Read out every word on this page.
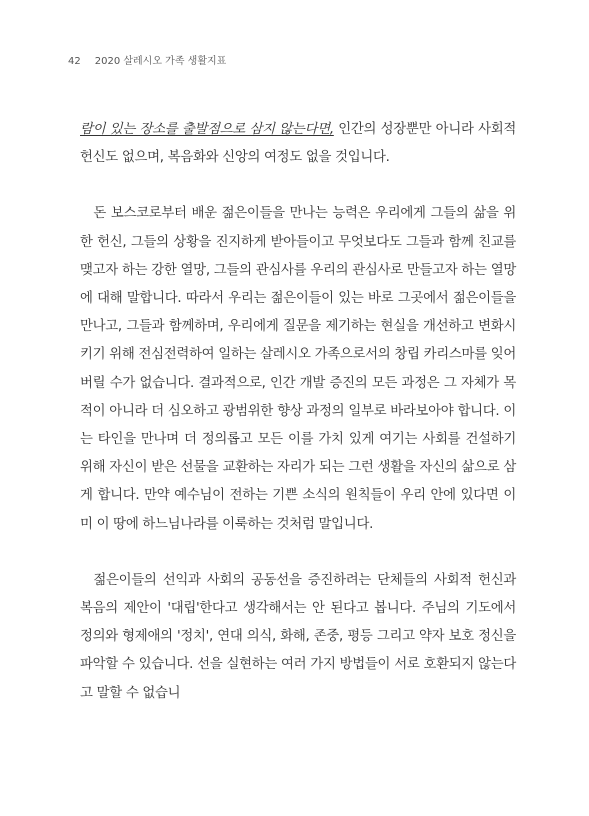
42 2020 살레시오 가족 생활지표

람이 있는 장소를 출발점으로 삼지 않는다면, 인간의 성장뿐만 아니라 사회적 헌신도 없으며, 복음화와 신앙의 여정도 없을 것입니다.

돈 보스코로부터 배운 젊은이들을 만나는 능력은 우리에게 그들의 삶을 위한 헌신, 그들의 상황을 진지하게 받아들이고 무엇보다도 그들과 함께 친교를 맺고자 하는 강한 열망, 그들의 관심사를 우리의 관심사로 만들고자 하는 열망에 대해 말합니다. 따라서 우리는 젊은이들이 있는 바로 그곳에서 젊은이들을 만나고, 그들과 함께하며, 우리에게 질문을 제기하는 현실을 개선하고 변화시키기 위해 전심전력하여 일하는 살레시오 가족으로서의 창립 카리스마를 잊어버릴 수가 없습니다. 결과적으로, 인간 개발 증진의 모든 과정은 그 자체가 목적이 아니라 더 심오하고 광범위한 향상 과정의 일부로 바라보아야 합니다. 이는 타인을 만나며 더 정의롭고 모든 이를 가치 있게 여기는 사회를 건설하기 위해 자신이 받은 선물을 교환하는 자리가 되는 그런 생활을 자신의 삶으로 삼게 합니다. 만약 예수님이 전하는 기쁜 소식의 원칙들이 우리 안에 있다면 이미 이 땅에 하느님나라를 이룩하는 것처럼 말입니다.

젊은이들의 선익과 사회의 공동선을 증진하려는 단체들의 사회적 헌신과 복음의 제안이 '대립'한다고 생각해서는 안 된다고 봅니다. 주님의 기도에서 정의와 형제애의 '정치', 연대 의식, 화해, 존중, 평등 그리고 약자 보호 정신을 파악할 수 있습니다. 선을 실현하는 여러 가지 방법들이 서로 호환되지 않는다고 말할 수 없습니
